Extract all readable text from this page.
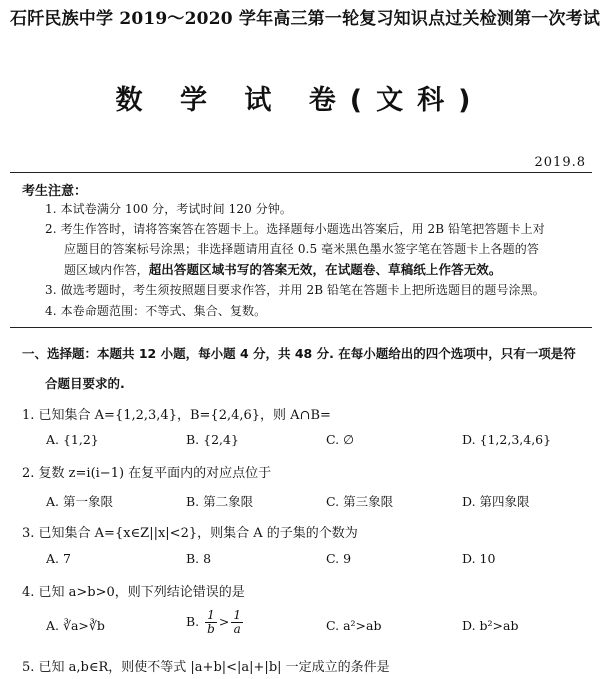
石阡民族中学 2019～2020 学年高三第一轮复习知识点过关检测第一次考试
数 学 试 卷(文科)
2019.8
考生注意：
1. 本试卷满分 100 分，考试时间 120 分钟。
2. 考生作答时，请将答案答在答题卡上。选择题每小题选出答案后，用 2B 铅笔把答题卡上对
应题目的答案标号涂黑；非选择题请用直径 0.5 毫米黑色墨水签字笔在答题卡上各题的答
题区域内作答，超出答题区域书写的答案无效，在试题卷、草稿纸上作答无效。
3. 做选考题时，考生须按照题目要求作答，并用 2B 铅笔在答题卡上把所选题目的题号涂黑。
4. 本卷命题范围：不等式、集合、复数。
一、选择题：本题共 12 小题，每小题 4 分，共 48 分. 在每小题给出的四个选项中，只有一项是符
合题目要求的.
1. 已知集合 A={1,2,3,4}，B={2,4,6}，则 A∩B=
A. {1,2}	B. {2,4}	C. ∅	D. {1,2,3,4,6}
2. 复数 z=i(i−1) 在复平面内的对应点位于
A. 第一象限	B. 第二象限	C. 第三象限	D. 第四象限
3. 已知集合 A={x∈Z||x|<2}，则集合 A 的子集的个数为
A. 7	B. 8	C. 9	D. 10
4. 已知 a>b>0，则下列结论错误的是
A. ∛a>∛b	B. $\frac{1}{b} > \frac{1}{a}$	C. a²>ab	D. b²>ab
5. 已知 a,b∈R，则使不等式 |a+b|<|a|+|b| 一定成立的条件是
